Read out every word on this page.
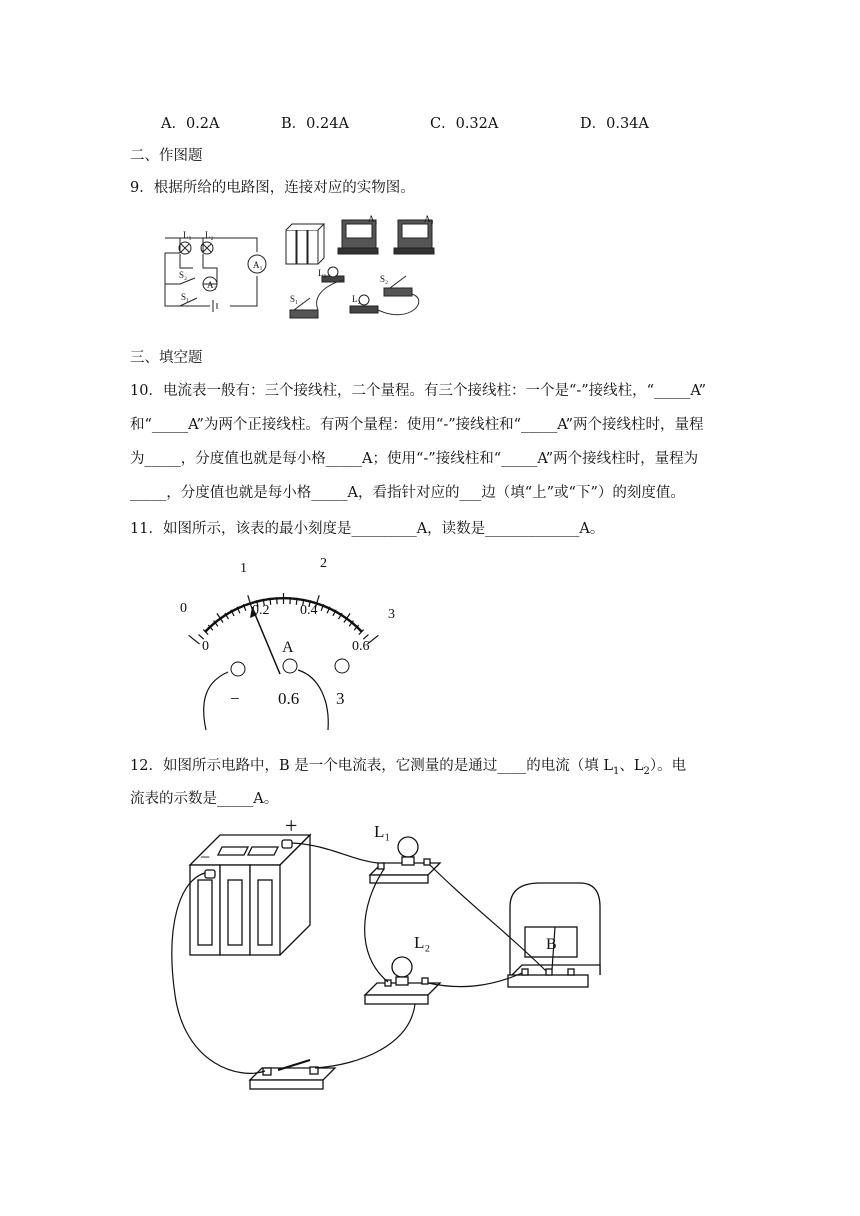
A．0.2A	B．0.24A	C．0.32A	D．0.34A
二、作图题
9．根据所给的电路图，连接对应的实物图。
L₁ L₂
S₂
A₂
A₁
S₁
A₁	A₂
L₁
L₂
S₁
S₂
三、填空题
10．电流表一般有：三个接线柱，二个量程。有三个接线柱：一个是“-”接线柱，“_____A”
和“_____A”为两个正接线柱。有两个量程：使用“-”接线柱和“_____A”两个接线柱时，量程
为_____，分度值也就是每小格_____A；使用“-”接线柱和“_____A”两个接线柱时，量程为
_____，分度值也就是每小格_____A，看指针对应的___边（填“上”或“下”）的刻度值。
11．如图所示，该表的最小刻度是_________A，读数是_____________A。
0
1	2
3
0
0.2 0.4
0.6
A
− 0.6 3
12．如图所示电路中，B 是一个电流表，它测量的是通过____的电流（填 $L_1$、$L_2$）。电
流表的示数是_____A。
+
−
L₁
L₂	B
